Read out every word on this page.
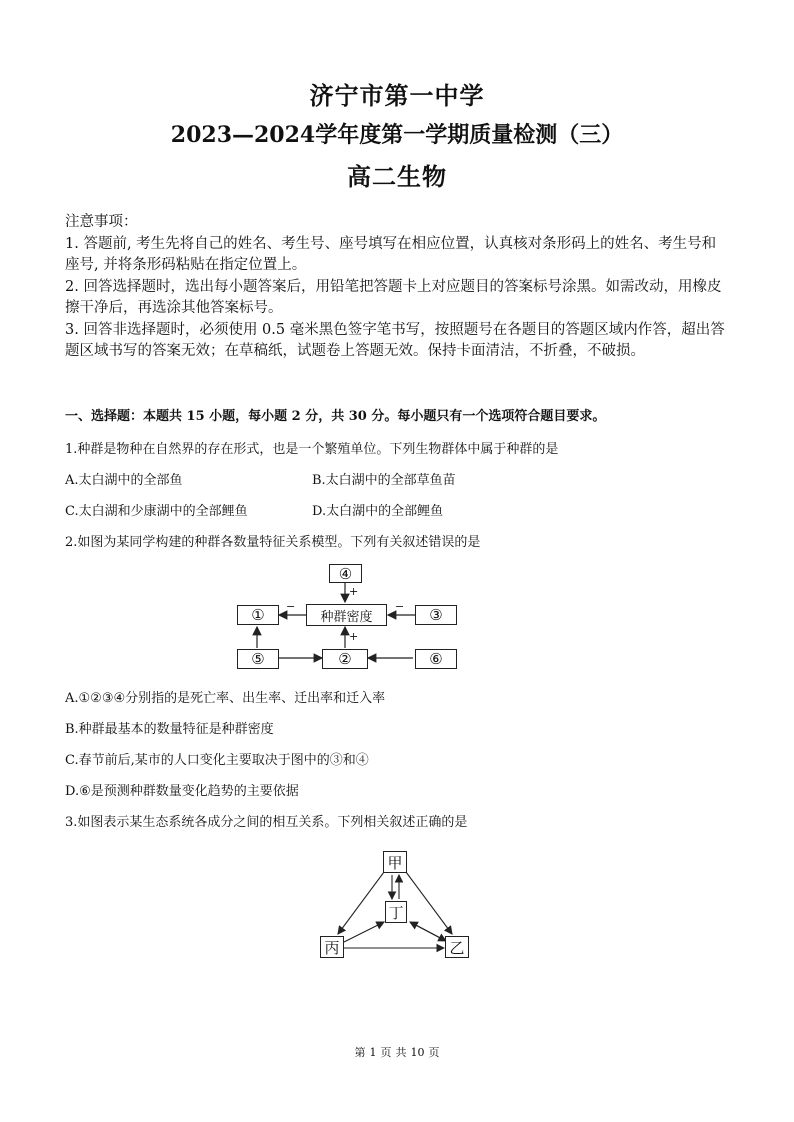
济宁市第一中学
2023—2024学年度第一学期质量检测（三）
高二生物

注意事项：

1. 答题前, 考生先将自己的姓名、考生号、座号填写在相应位置，认真核对条形码上的姓名、考生号和座号, 并将条形码粘贴在指定位置上。

2. 回答选择题时，选出每小题答案后，用铅笔把答题卡上对应题目的答案标号涂黑。如需改动，用橡皮擦干净后，再选涂其他答案标号。

3. 回答非选择题时，必须使用 0.5 毫米黑色签字笔书写，按照题号在各题目的答题区域内作答，超出答题区域书写的答案无效；在草稿纸，试题卷上答题无效。保持卡面清洁，不折叠，不破损。

一、选择题：本题共 15 小题，每小题 2 分，共 30 分。每小题只有一个选项符合题目要求。
1.种群是物种在自然界的存在形式，也是一个繁殖单位。下列生物群体中属于种群的是
A.太白湖中的全部鱼	B.太白湖中的全部草鱼苗
C.太白湖和少康湖中的全部鲤鱼	D.太白湖中的全部鲤鱼
2.如图为某同学构建的种群各数量特征关系模型。下列有关叙述错误的是
④
种群密度
①	③
⑤	②	⑥
+
−	−
+
A.①②③④分别指的是死亡率、出生率、迁出率和迁入率
B.种群最基本的数量特征是种群密度
C.春节前后,某市的人口变化主要取决于图中的③和④
D.⑥是预测种群数量变化趋势的主要依据
3.如图表示某生态系统各成分之间的相互关系。下列相关叙述正确的是
甲
丁
丙	乙
第 1 页 共 10 页
